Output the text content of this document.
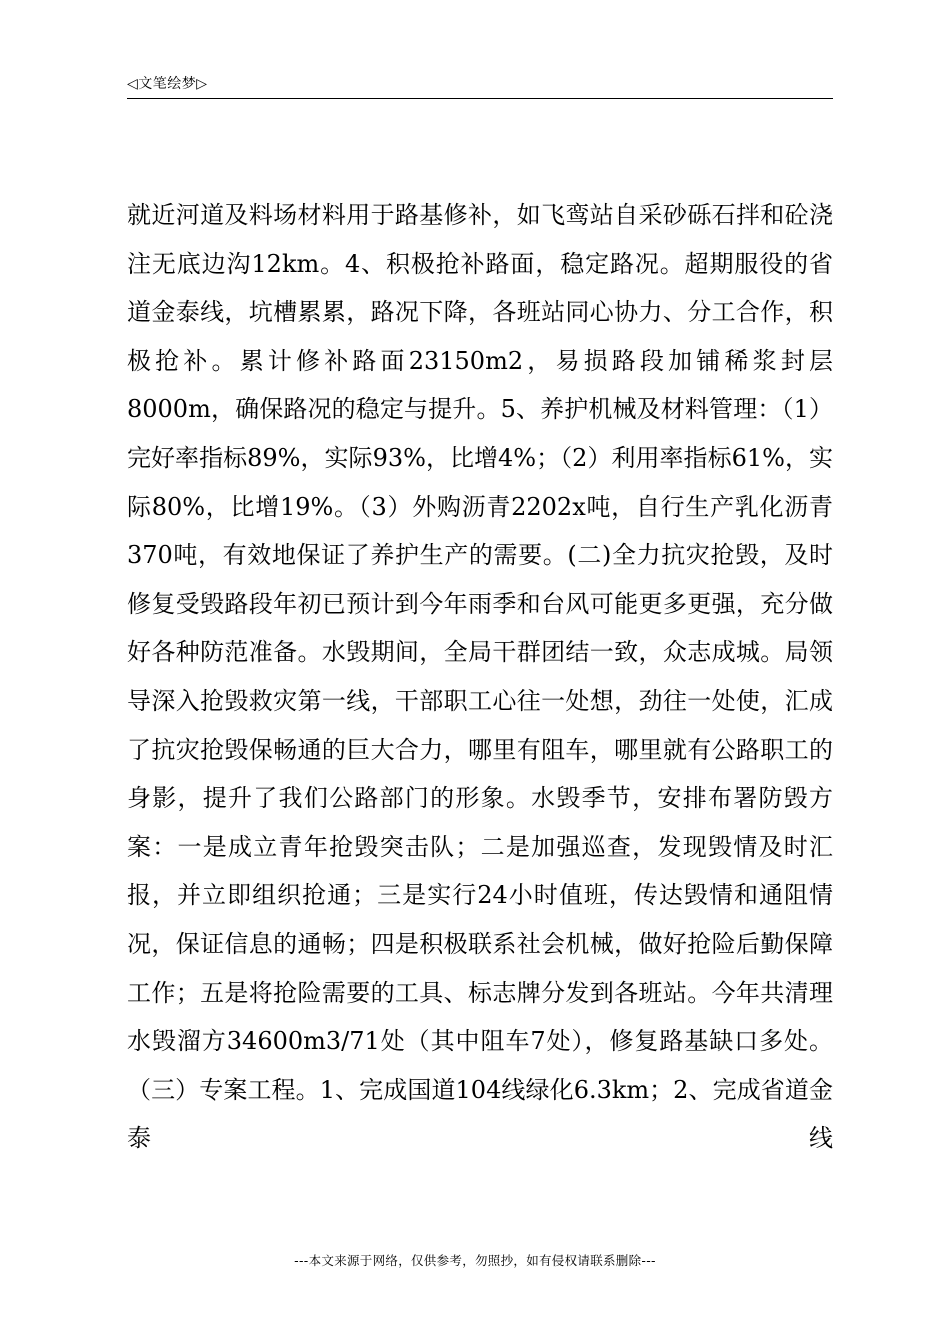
◁文笔绘梦▷

就近河道及料场材料用于路基修补，如飞鸾站自采砂砾石拌和砼浇注无底边沟12km。4、积极抢补路面，稳定路况。超期服役的省道金泰线，坑槽累累，路况下降，各班站同心协力、分工合作，积极抢补。累计修补路面23150m2，易损路段加铺稀浆封层8000m，确保路况的稳定与提升。5、养护机械及材料管理：（1）完好率指标89%，实际93%，比增4%；（2）利用率指标61%，实际80%，比增19%。（3）外购沥青2202x吨，自行生产乳化沥青370吨，有效地保证了养护生产的需要。(二)全力抗灾抢毁，及时修复受毁路段年初已预计到今年雨季和台风可能更多更强，充分做好各种防范准备。水毁期间，全局干群团结一致，众志成城。局领导深入抢毁救灾第一线，干部职工心往一处想，劲往一处使，汇成了抗灾抢毁保畅通的巨大合力，哪里有阻车，哪里就有公路职工的身影，提升了我们公路部门的形象。水毁季节，安排布署防毁方案：一是成立青年抢毁突击队；二是加强巡查，发现毁情及时汇报，并立即组织抢通；三是实行24小时值班，传达毁情和通阻情况，保证信息的通畅；四是积极联系社会机械，做好抢险后勤保障工作；五是将抢险需要的工具、标志牌分发到各班站。今年共清理水毁溜方34600m3/71处（其中阻车7处），修复路基缺口多处。（三）专案工程。1、完成国道104线绿化6.3km；2、完成省道金泰线

---本文来源于网络，仅供参考，勿照抄，如有侵权请联系删除---
